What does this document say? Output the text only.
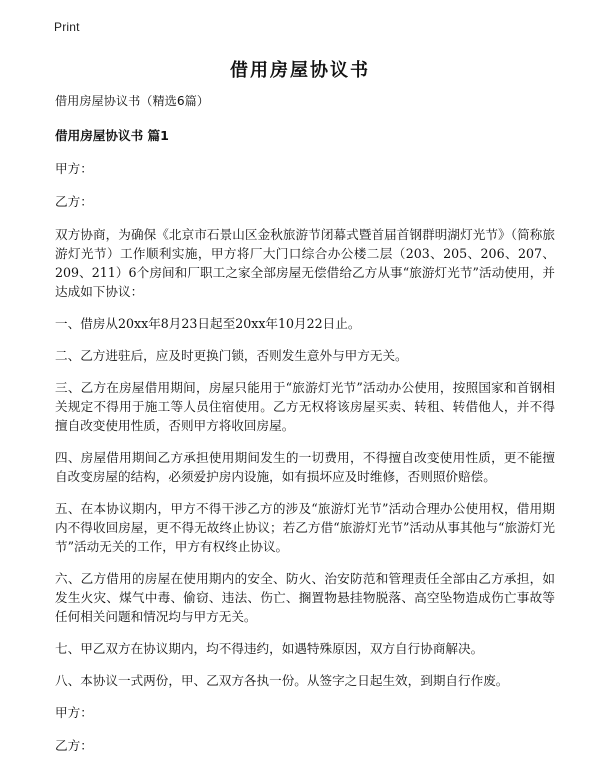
Print
借用房屋协议书

借用房屋协议书（精选6篇）

借用房屋协议书 篇1

甲方：

乙方：

双方协商，为确保《北京市石景山区金秋旅游节闭幕式暨首届首钢群明湖灯光节》（简称旅游灯光节）工作顺利实施，甲方将厂大门口综合办公楼二层（203、205、206、207、209、211）6个房间和厂职工之家全部房屋无偿借给乙方从事“旅游灯光节”活动使用，并达成如下协议：

一、借房从20xx年8月23日起至20xx年10月22日止。

二、乙方进驻后，应及时更换门锁，否则发生意外与甲方无关。

三、乙方在房屋借用期间，房屋只能用于“旅游灯光节”活动办公使用，按照国家和首钢相关规定不得用于施工等人员住宿使用。乙方无权将该房屋买卖、转租、转借他人，并不得擅自改变使用性质，否则甲方将收回房屋。

四、房屋借用期间乙方承担使用期间发生的一切费用，不得擅自改变使用性质，更不能擅自改变房屋的结构，必须爱护房内设施，如有损坏应及时维修，否则照价赔偿。

五、在本协议期内，甲方不得干涉乙方的涉及“旅游灯光节”活动合理办公使用权，借用期内不得收回房屋，更不得无故终止协议；若乙方借“旅游灯光节”活动从事其他与“旅游灯光节”活动无关的工作，甲方有权终止协议。

六、乙方借用的房屋在使用期内的安全、防火、治安防范和管理责任全部由乙方承担，如发生火灾、煤气中毒、偷窃、违法、伤亡、搁置物悬挂物脱落、高空坠物造成伤亡事故等任何相关问题和情况均与甲方无关。

七、甲乙双方在协议期内，均不得违约，如遇特殊原因，双方自行协商解决。

八、本协议一式两份，甲、乙双方各执一份。从签字之日起生效，到期自行作废。

甲方：

乙方：
